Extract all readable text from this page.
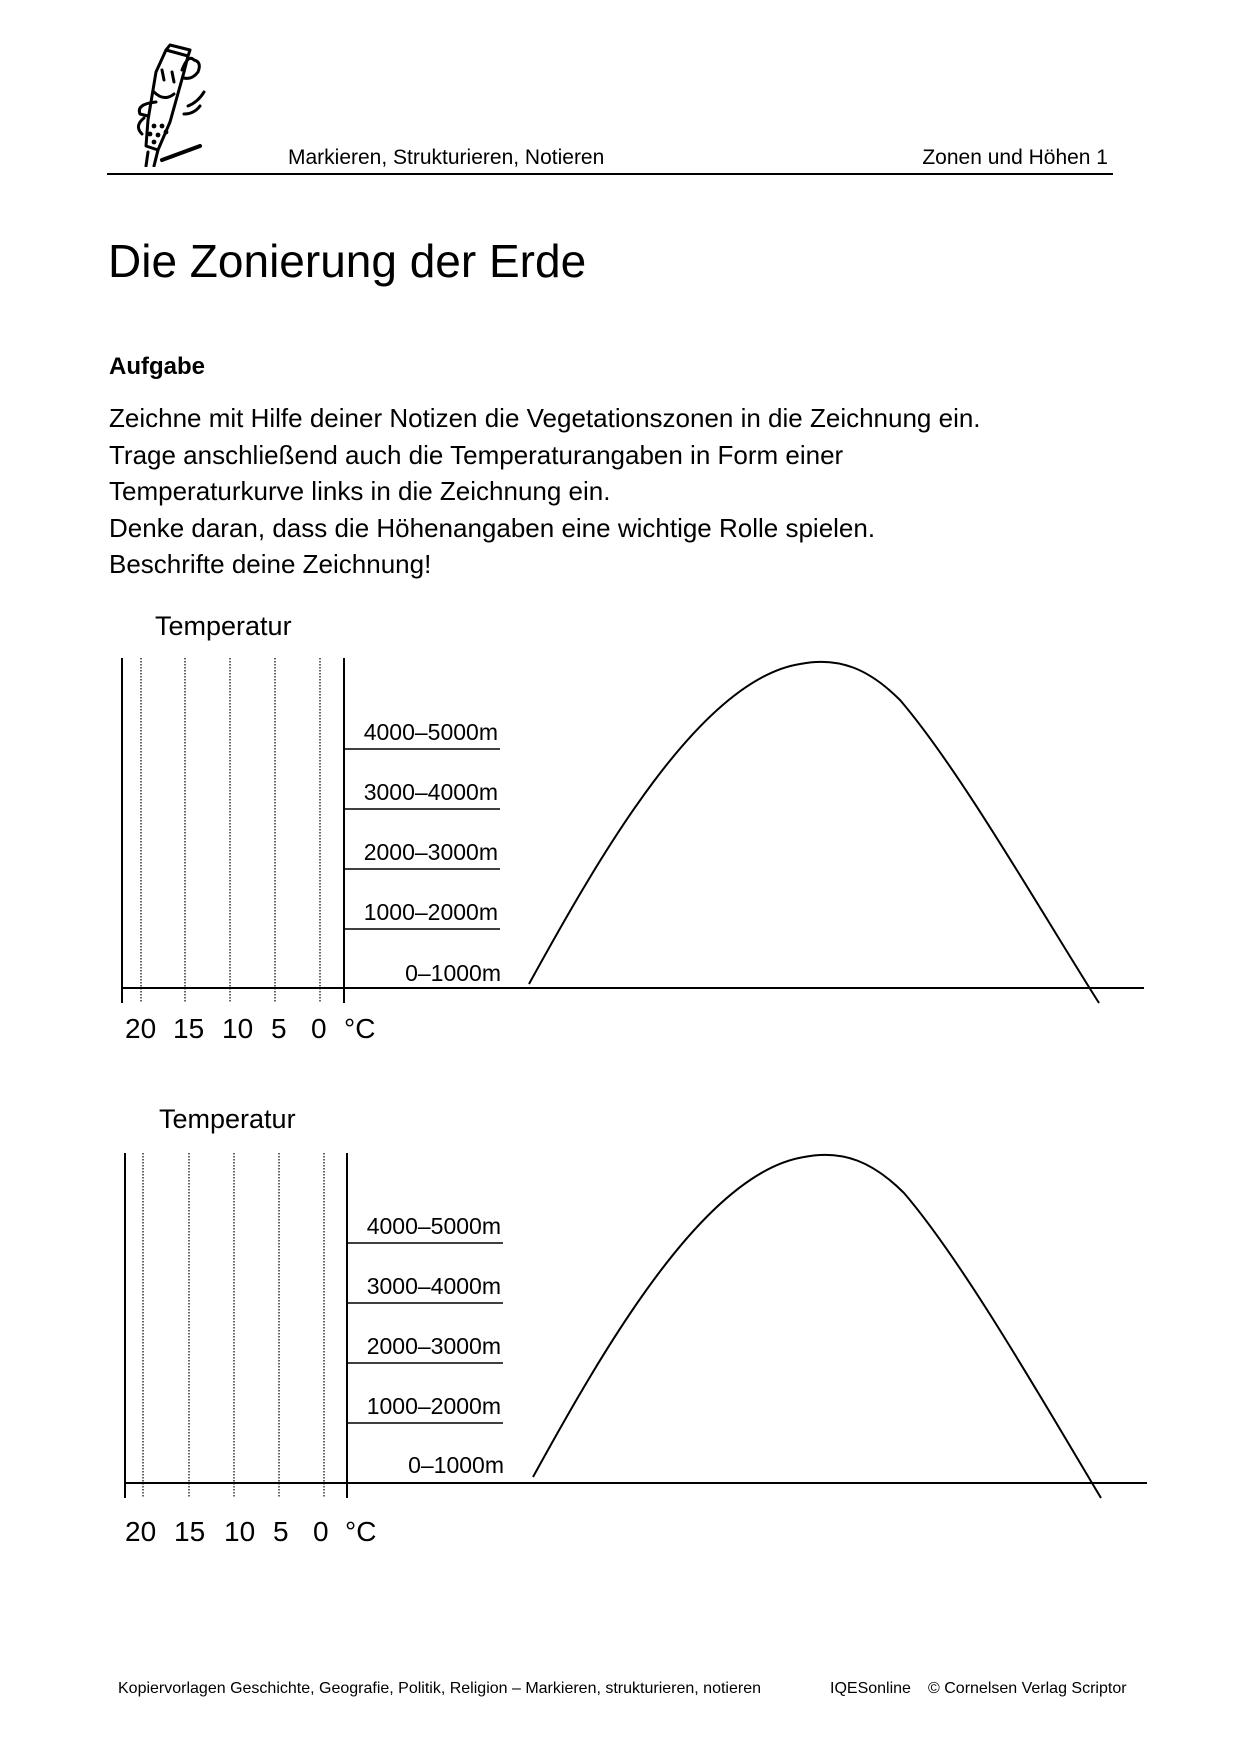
Markieren, Strukturieren, Notieren	Zonen und Höhen 1
Die Zonierung der Erde
Aufgabe
Zeichne mit Hilfe deiner Notizen die Vegetationszonen in die Zeichnung ein.
Trage anschließend auch die Temperaturangaben in Form einer
Temperaturkurve links in die Zeichnung ein.
Denke daran, dass die Höhenangaben eine wichtige Rolle spielen.
Beschrifte deine Zeichnung!
Temperatur
4000–5000m
3000–4000m
2000–3000m
1000–2000m
0–1000m
20 15 10 5 0 °C
Temperatur
4000–5000m
3000–4000m
2000–3000m
1000–2000m
0–1000m
20 15 10 5 0 °C
Kopiervorlagen Geschichte, Geografie, Politik, Religion – Markieren, strukturieren, notieren	IQESonline © Cornelsen Verlag Scriptor
